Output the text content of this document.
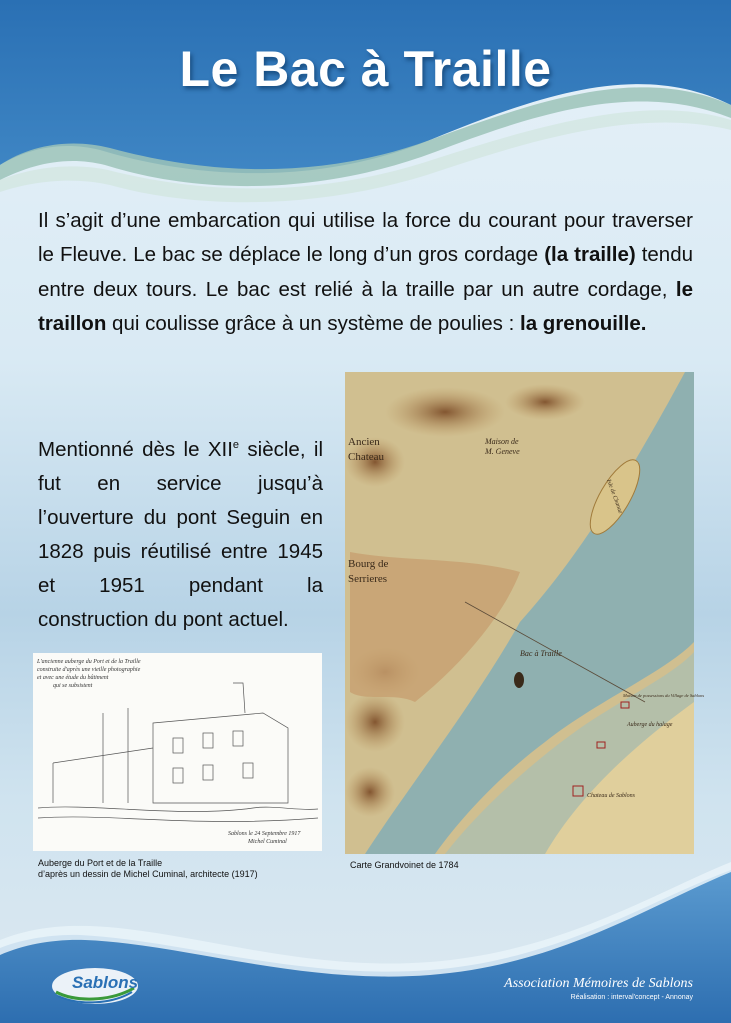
Le Bac à Traille
Il s’agit d’une embarcation qui utilise la force du courant pour traverser le Fleuve. Le bac se déplace le long d’un gros cordage (la traille) tendu entre deux tours. Le bac est relié à la traille par un autre cordage, le traillon qui coulisse grâce à un système de poulies : la grenouille.
Mentionné dès le XIIe siècle, il fut en service jusqu’à l’ouverture du pont Seguin en 1828 puis réutilisé entre 1945 et 1951 pendant la
construction du pont actuel.
Ancien
Chateau
Maison de
M. Geneve
Bourg de
Serrieres
Bac à Traille
Isle de Chanaz
Auberge du halage
Chateau de Sablons
Maison de possessions du Village de Sablons
L'ancienne auberge du Port et de la Traille
construite d'après une vieille photographie
et avec une étude du bâtiment
qui se subsistent
Sablons le 24 Septembre 1917
Michel Cuminal
Auberge du Port et de la Traille
d’après un dessin de Michel Cuminal, architecte (1917)
Carte Grandvoinet de 1784
Sablons	Association Mémoires de Sablons
Réalisation : interval'concept - Annonay
